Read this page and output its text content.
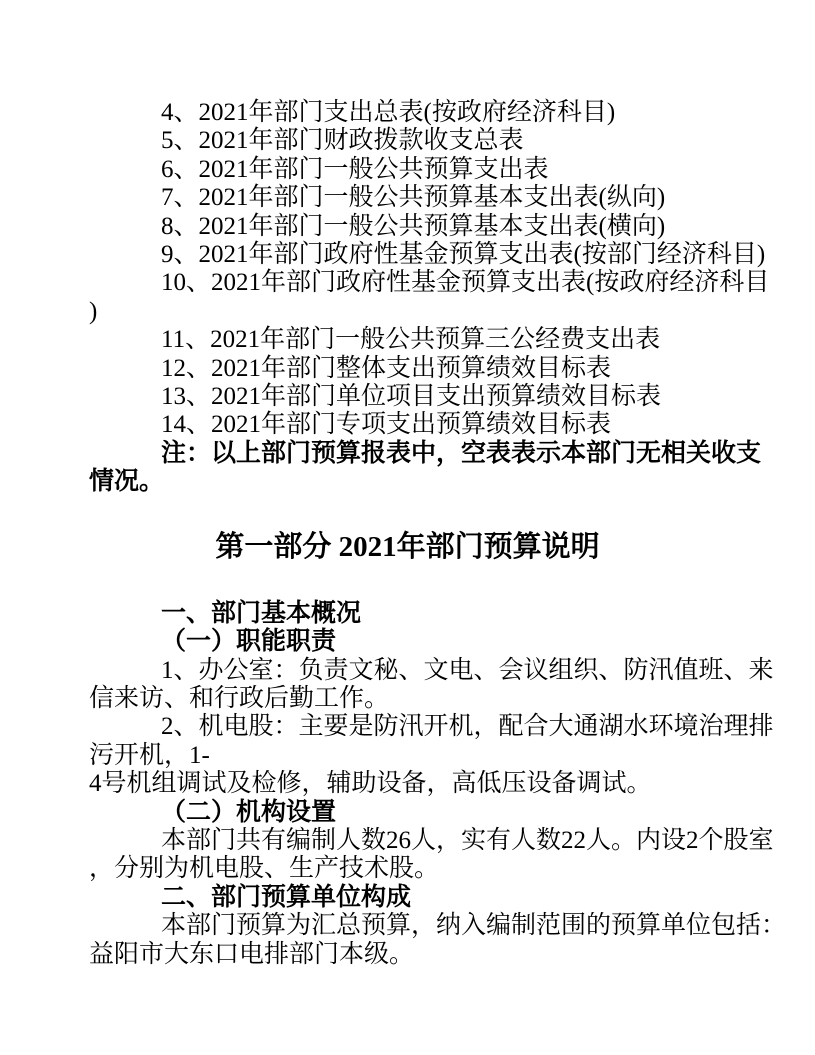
4、2021年部门支出总表(按政府经济科目)

5、2021年部门财政拨款收支总表

6、2021年部门一般公共预算支出表

7、2021年部门一般公共预算基本支出表(纵向)

8、2021年部门一般公共预算基本支出表(横向)

9、2021年部门政府性基金预算支出表(按部门经济科目)

10、2021年部门政府性基金预算支出表(按政府经济科目

)

11、2021年部门一般公共预算三公经费支出表

12、2021年部门整体支出预算绩效目标表

13、2021年部门单位项目支出预算绩效目标表

14、2021年部门专项支出预算绩效目标表

注：以上部门预算报表中，空表表示本部门无相关收支

情况。

第一部分 2021年部门预算说明

一、部门基本概况

（一）职能职责

1、办公室：负责文秘、文电、会议组织、防汛值班、来

信来访、和行政后勤工作。

2、机电股：主要是防汛开机，配合大通湖水环境治理排

污开机，1-

4号机组调试及检修，辅助设备，高低压设备调试。

（二）机构设置

本部门共有编制人数26人，实有人数22人。内设2个股室

，分别为机电股、生产技术股。

二、部门预算单位构成

本部门预算为汇总预算，纳入编制范围的预算单位包括：

益阳市大东口电排部门本级。
